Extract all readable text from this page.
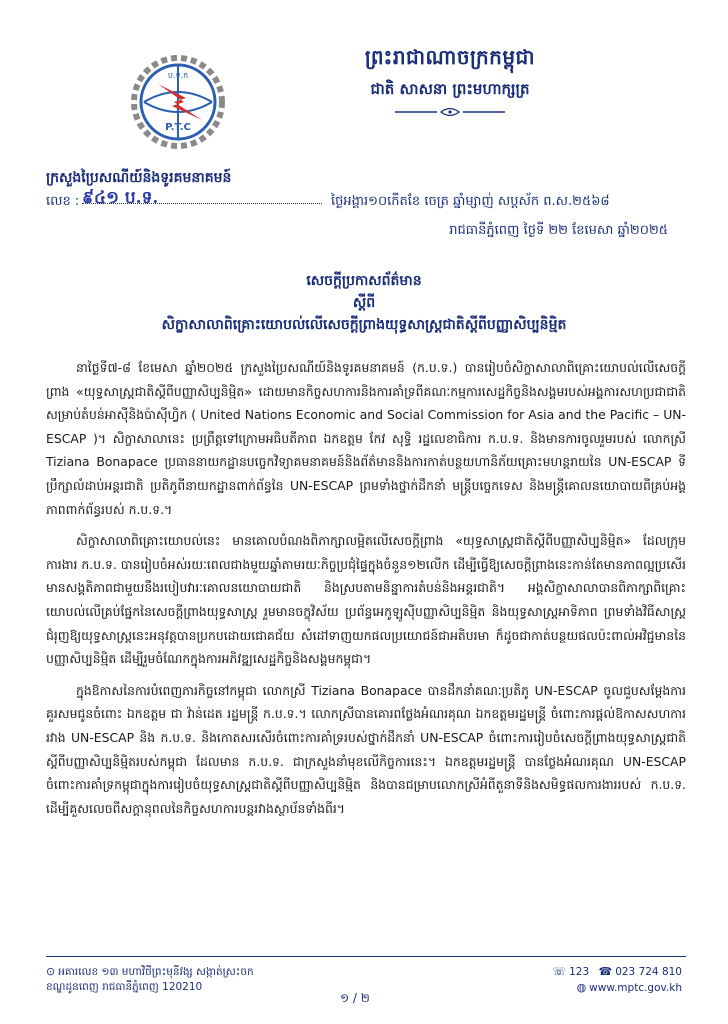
ព្រះរាជាណាចក្រកម្ពុជា
ជាតិ សាសនា ព្រះមហាក្សត្រ
ប.ទ.ក
P.T.C
ក្រសួងប្រៃសណីយ៍និងទូរគមនាគមន៍
លេខ : ៩៤១ ប.ទ.	ថ្ងៃអង្គារ១០កើតខែ ចេត្រ ឆ្នាំម្សាញ់ សប្តស័ក ព.ស.២៥៦៨
រាជធានីភ្នំពេញ ថ្ងៃទី ២២ ខែមេសា ឆ្នាំ២០២៥
សេចក្តីប្រកាសព័ត៌មាន
ស្តីពី
សិក្ខាសាលាពិគ្រោះយោបល់លើសេចក្តីព្រាងយុទ្ធសាស្រ្តជាតិស្តីពីបញ្ញាសិប្បនិម្មិត

នាថ្ងៃទី៧-៨ ខែមេសា ឆ្នាំ២០២៥ ក្រសួងប្រៃសណីយ៍និងទូរគមនាគមន៍ (ក.ប.ទ.) បានរៀបចំសិក្ខាសាលាពិគ្រោះយោបល់លើសេចក្តីព្រាង «យុទ្ធសាស្រ្តជាតិស្តីពីបញ្ញាសិប្បនិម្មិត» ដោយមានកិច្ចសហការនិងការគាំទ្រពីគណៈកម្មការសេដ្ឋកិច្ចនិងសង្គមរបស់អង្គការសហប្រជាជាតិសម្រាប់តំបន់អាស៊ីនិងប៉ាស៊ីហ្វិក ( United Nations Economic and Social Commission for Asia and the Pacific – UN-ESCAP )។ សិក្ខាសាលានេះ ប្រព្រឹត្តទៅក្រោមអធិបតីភាព ឯកឧត្តម កែវ សុទ្ធិ រដ្ឋលេខាធិការ ក.ប.ទ. និងមានការចូលរួមរបស់ លោកស្រី Tiziana Bonapace ប្រធាននាយកដ្ឋានបច្ចេកវិទ្យាគមនាគមន៍និងព័ត៌មាននិងការកាត់បន្ថយហានិភ័យគ្រោះមហន្តរាយនៃ UN-ESCAP ទីប្រឹក្សាលំដាប់អន្តរជាតិ ប្រតិភូពីនាយកដ្ឋានពាក់ព័ន្ធនៃ UN-ESCAP ព្រមទាំងថ្នាក់ដឹកនាំ មន្ត្រីបច្ចេកទេស និងមន្ត្រីគោលនយោបាយពីគ្រប់អង្គភាពពាក់ព័ន្ធរបស់ ក.ប.ទ.។

សិក្ខាសាលាពិគ្រោះយោបល់នេះ មានគោលបំណងពិភាក្សាលម្អិតលើសេចក្តីព្រាង «យុទ្ធសាស្រ្តជាតិស្តីពីបញ្ញាសិប្បនិម្មិត» ដែលក្រុមការងារ ក.ប.ទ. បានរៀបចំអស់រយៈពេលជាងមួយឆ្នាំតាមរយៈកិច្ចប្រជុំផ្ទៃក្នុងចំនួន១២លើក ដើម្បីធ្វើឱ្យសេចក្តីព្រាងនេះកាន់តែមានភាពល្អប្រសើរ មានសង្គតិភាពជាមួយនឹងរបៀបវារៈគោលនយោបាយជាតិ និងស្របតាមនិន្នាការតំបន់និងអន្តរជាតិ។ អង្គសិក្ខាសាលាបានពិភាក្សាពិគ្រោះយោបល់លើគ្រប់ផ្នែកនៃសេចក្តីព្រាងយុទ្ធសាស្រ្ត រួមមានចក្ខុវិស័យ ប្រព័ន្ធអេកូឡូស៊ីបញ្ញាសិប្បនិម្មិត និងយុទ្ធសាស្រ្តអាទិភាព ព្រមទាំងវិធីសាស្រ្តជំរុញឱ្យយុទ្ធសាស្រ្តនេះអនុវត្តបានប្រកបដោយជោគជ័យ សំដៅទាញយកផលប្រយោជន៍ជាអតិបរមា ក៏ដូចជាកាត់បន្ថយផលប៉ះពាល់អវិជ្ជមាននៃបញ្ញាសិប្បនិម្មិត ដើម្បីរួមចំណែកក្នុងការអភិវឌ្ឍសេដ្ឋកិច្ចនិងសង្គមកម្ពុជា។

ក្នុងឱកាសនៃការបំពេញភារកិច្ចនៅកម្ពុជា លោកស្រី Tiziana Bonapace បានដឹកនាំគណៈប្រតិភូ UN-ESCAP ចូលជួបសម្តែងការគួរសមជូនចំពោះ ឯកឧត្តម ជា វ៉ាន់ដេត រដ្ឋមន្ត្រី ក.ប.ទ.។ លោកស្រីបានគោរពថ្លែងអំណរគុណ ឯកឧត្តមរដ្ឋមន្ត្រី ចំពោះការផ្តល់ឱកាសសហការរវាង UN-ESCAP និង ក.ប.ទ. និងកោតសរសើរចំពោះការគាំទ្ររបស់ថ្នាក់ដឹកនាំ UN-ESCAP ចំពោះការរៀបចំសេចក្តីព្រាងយុទ្ធសាស្រ្តជាតិស្តីពីបញ្ញាសិប្បនិម្មិតរបស់កម្ពុជា ដែលមាន ក.ប.ទ. ជាក្រសួងនាំមុខលើកិច្ចការនេះ។ ឯកឧត្តមរដ្ឋមន្ត្រី បានថ្លែងអំណរគុណ UN-ESCAP ចំពោះការគាំទ្រកម្ពុជាក្នុងការរៀបចំយុទ្ធសាស្រ្តជាតិស្តីពីបញ្ញាសិប្បនិម្មិត និងបានជម្រាបលោកស្រីអំពីតួនាទីនិងសមិទ្ធផលការងាររបស់ ក.ប.ទ. ដើម្បីគួសលេចពីសក្តានុពលនៃកិច្ចសហការបន្តរវាងស្ថាប័នទាំងពីរ។

⊙ អគារលេខ ១៣ មហាវិថីព្រះមុនីវង្ស សង្កាត់ស្រះចក
ខណ្ឌដូនពេញ រាជធានីភ្នំពេញ 120210
១ / ២
☏ 123 ☎ 023 724 810
◍ www.mptc.gov.kh
